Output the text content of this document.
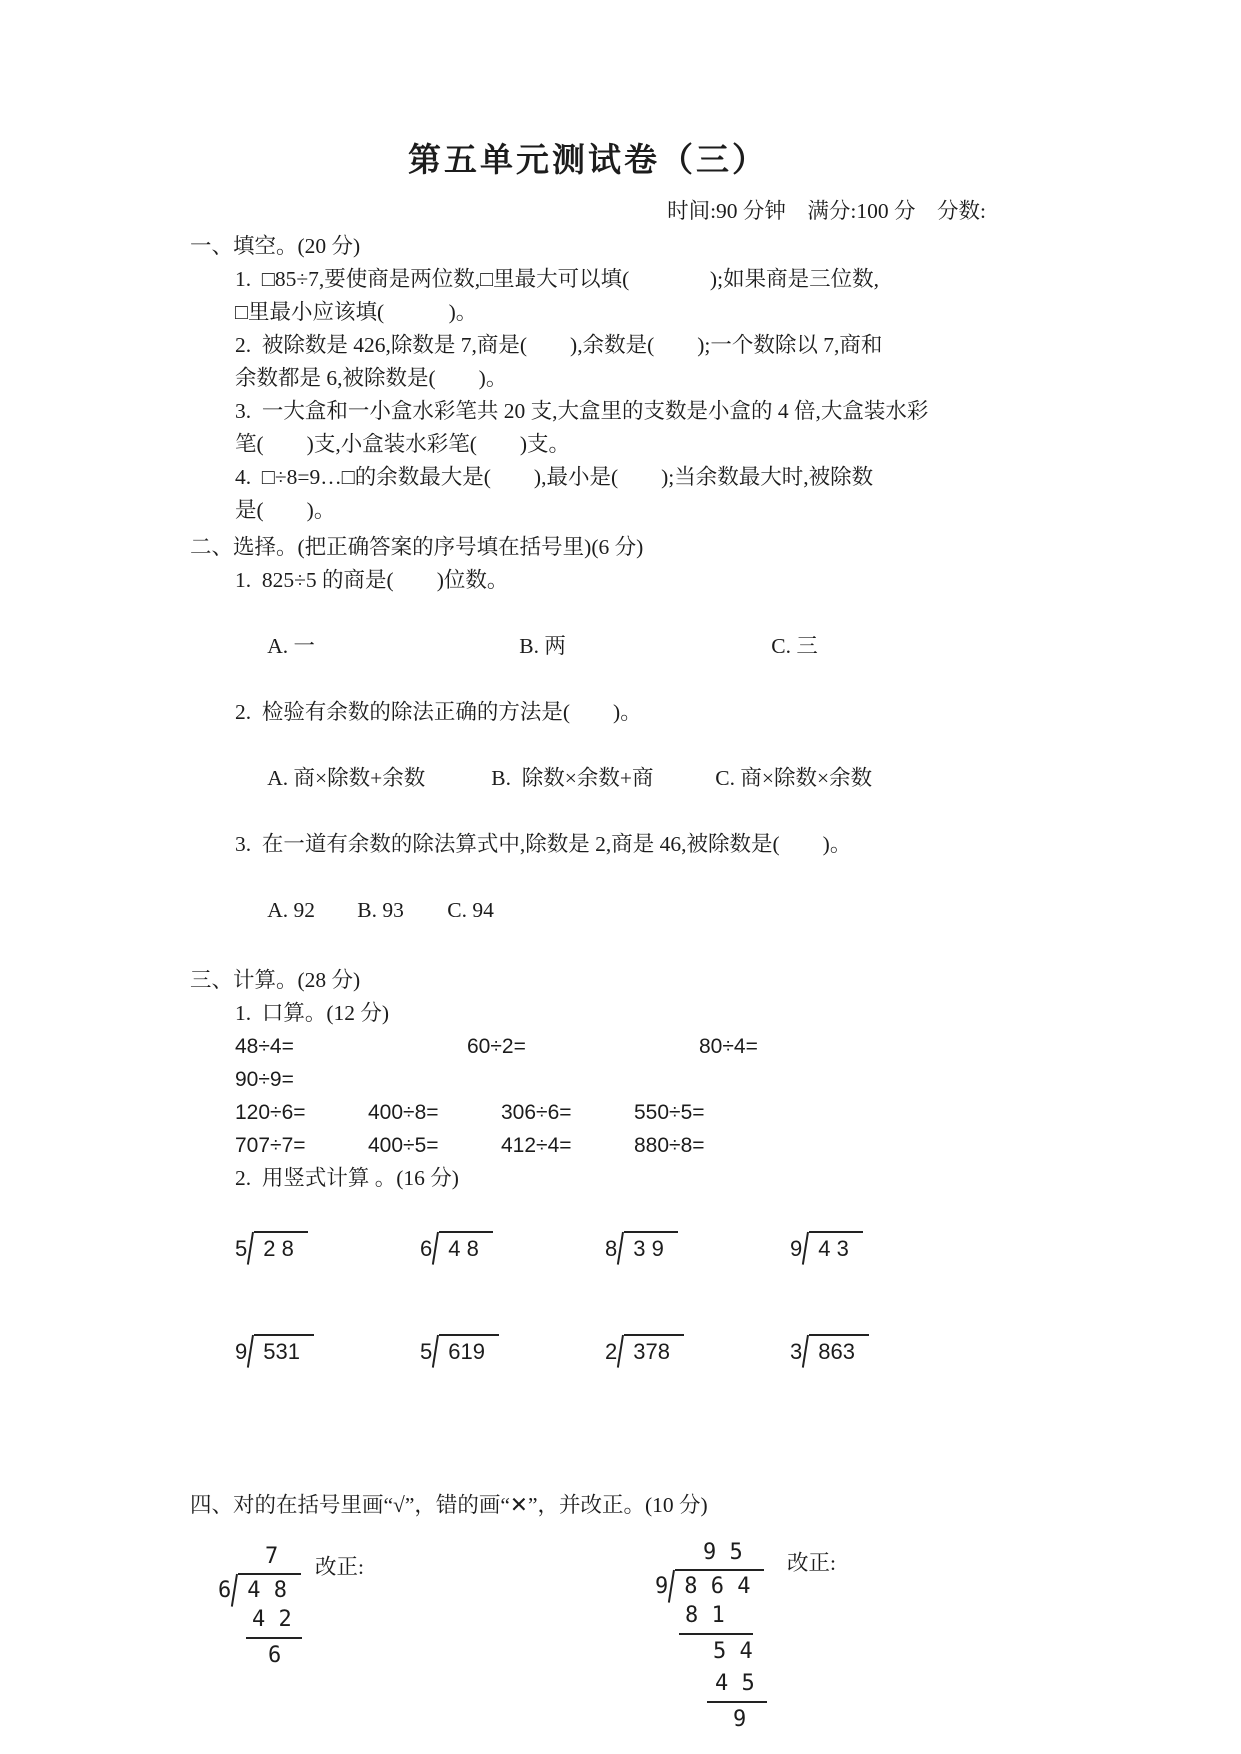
第五单元测试卷（三）
时间:90 分钟    满分:100 分    分数:
一、填空。(20 分)
1.  □85÷7,要使商是两位数,□里最大可以填(               );如果商是三位数,
□里最小应该填(            )。
2.  被除数是 426,除数是 7,商是(        ),余数是(        );一个数除以 7,商和
余数都是 6,被除数是(        )。
3.  一大盒和一小盒水彩笔共 20 支,大盒里的支数是小盒的 4 倍,大盒装水彩
笔(        )支,小盒装水彩笔(        )支。
4.  □÷8=9…□的余数最大是(        ),最小是(        );当余数最大时,被除数
是(        )。
二、选择。(把正确答案的序号填在括号里)(6 分)
1.  825÷5 的商是(        )位数。

A. 一	B. 两	C. 三

2.  检验有余数的除法正确的方法是(        )。

A. 商×除数+余数	B.  除数×余数+商	C. 商×除数×余数

3.  在一道有余数的除法算式中,除数是 2,商是 46,被除数是(        )。

A. 92 B. 93 C. 94

三、计算。(28 分)
1.  口算。(12 分)
48÷4=	60÷2=	80÷4=90÷9=
120÷6=	400÷8=	306÷6=	550÷5=
707÷7=	400÷5=	412÷4=	880÷8=
2.  用竖式计算 。(16 分)
5 2 8	6 4 8	8 3 9	9 4 3
9 531	5 619	2 378	3 863
四、对的在括号里画“√”，错的画“✕”，并改正。(10 分)
7
6 4 8
4 2
6
改正:
9 5
9 8 6 4
8 1
5 4
4 5
9
改正:
